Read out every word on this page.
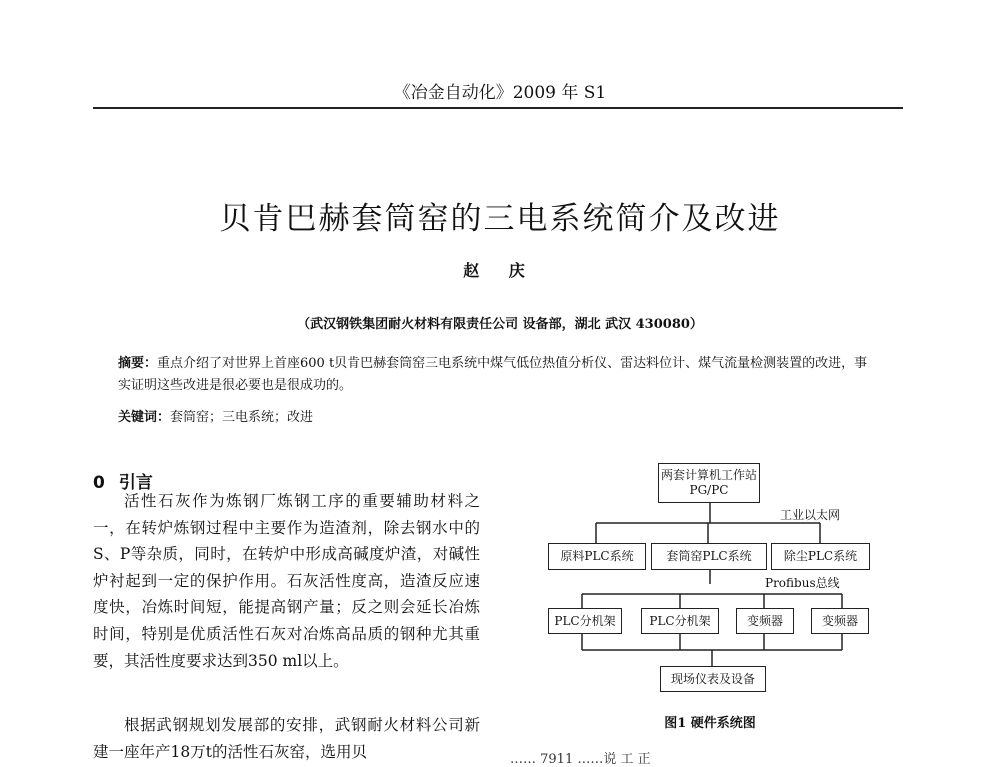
《冶金自动化》2009 年 S1
贝肯巴赫套筒窑的三电系统简介及改进
赵 庆
（武汉钢铁集团耐火材料有限责任公司 设备部，湖北 武汉 430080）
摘要：重点介绍了对世界上首座600 t贝肯巴赫套筒窑三电系统中煤气低位热值分析仪、雷达料位计、煤气流量检测装置的改进，事实证明这些改进是很必要也是很成功的。
关键词：套筒窑；三电系统；改进
0 引言
活性石灰作为炼钢厂炼钢工序的重要辅助材料之一，在转炉炼钢过程中主要作为造渣剂，除去钢水中的S、P等杂质，同时，在转炉中形成高碱度炉渣，对碱性炉衬起到一定的保护作用。石灰活性度高，造渣反应速度快，冶炼时间短，能提高钢产量；反之则会延长冶炼时间，特别是优质活性石灰对冶炼高品质的钢种尤其重要，其活性度要求达到350 ml以上。
根据武钢规划发展部的安排，武钢耐火材料公司新建一座年产18万t的活性石灰窑，选用贝
两套计算机工作站PG/PC
工业以太网
原料PLC系统	套筒窑PLC系统	除尘PLC系统
Profibus总线
PLC分机架	PLC分机架	变频器	变频器
现场仪表及设备
图1 硬件系统图
…… 7911 ……说 工 正
